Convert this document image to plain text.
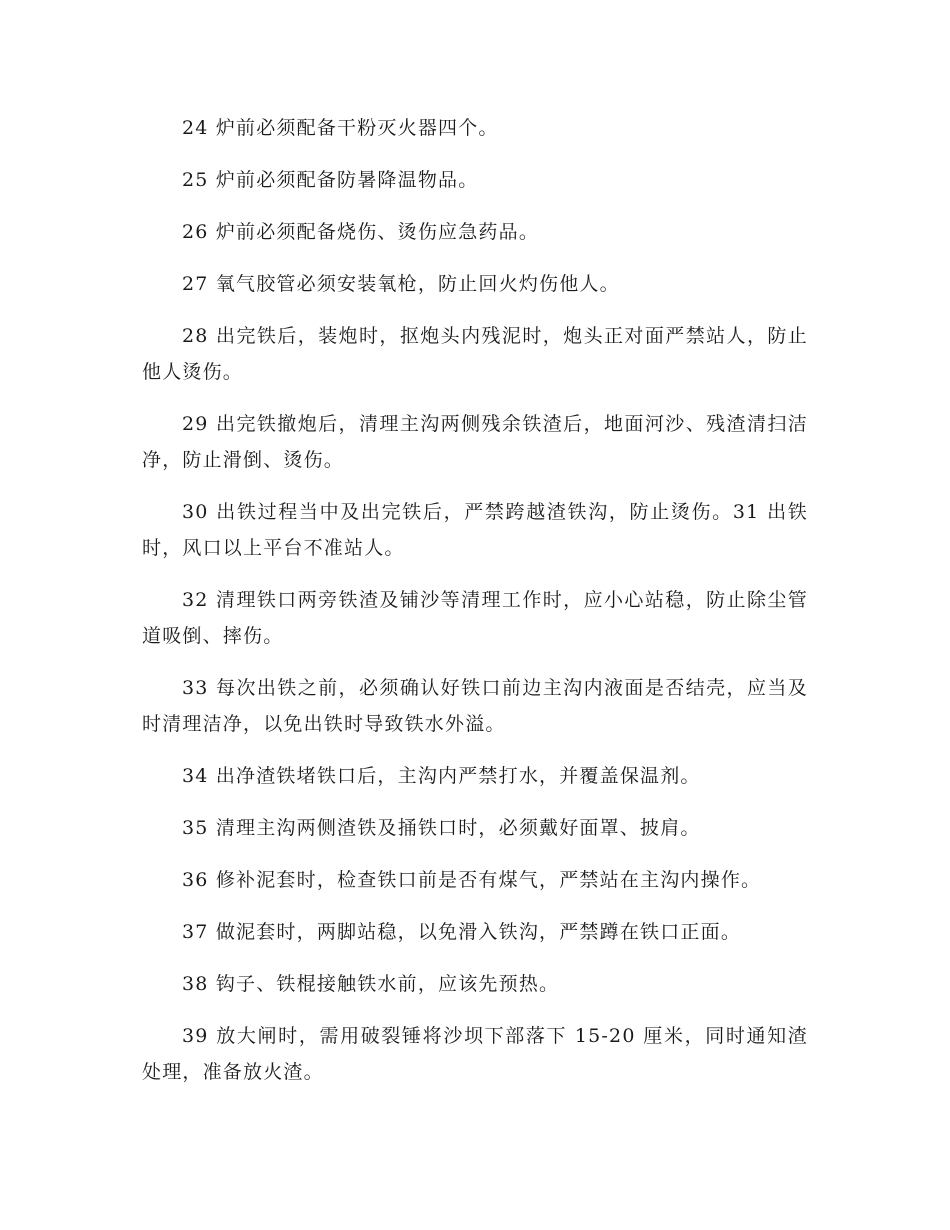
24 炉前必须配备干粉灭火器四个。

25 炉前必须配备防暑降温物品。

26 炉前必须配备烧伤、烫伤应急药品。

27 氧气胶管必须安装氧枪，防止回火灼伤他人。

28 出完铁后，装炮时，抠炮头内残泥时，炮头正对面严禁站人，防止他人烫伤。

29 出完铁撤炮后，清理主沟两侧残余铁渣后，地面河沙、残渣清扫洁净，防止滑倒、烫伤。

30 出铁过程当中及出完铁后，严禁跨越渣铁沟，防止烫伤。31 出铁时，风口以上平台不准站人。

32 清理铁口两旁铁渣及铺沙等清理工作时，应小心站稳，防止除尘管道吸倒、摔伤。

33 每次出铁之前，必须确认好铁口前边主沟内液面是否结壳，应当及时清理洁净，以免出铁时导致铁水外溢。

34 出净渣铁堵铁口后，主沟内严禁打水，并覆盖保温剂。

35 清理主沟两侧渣铁及捅铁口时，必须戴好面罩、披肩。

36 修补泥套时，检查铁口前是否有煤气，严禁站在主沟内操作。

37 做泥套时，两脚站稳，以免滑入铁沟，严禁蹲在铁口正面。

38 钩子、铁棍接触铁水前，应该先预热。

39 放大闸时，需用破裂锤将沙坝下部落下 15-20 厘米，同时通知渣处理，准备放火渣。
